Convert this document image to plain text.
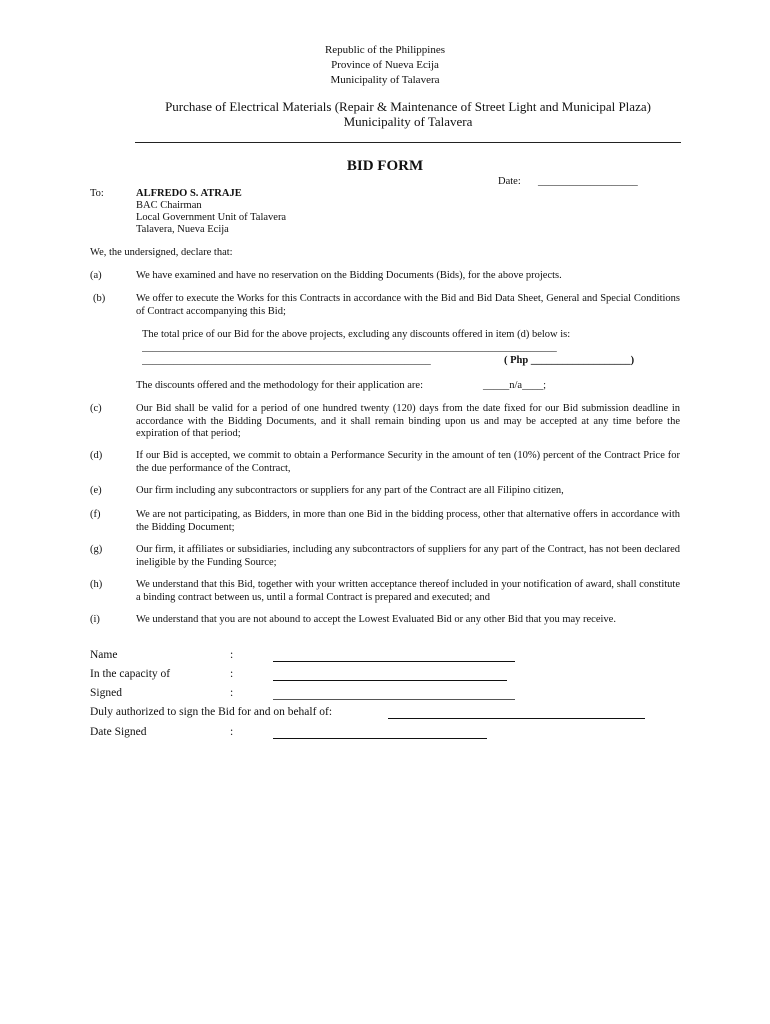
Republic of the Philippines
Province of Nueva Ecija
Municipality of Talavera
Purchase of Electrical Materials (Repair & Maintenance of Street Light and Municipal Plaza) Municipality of Talavera
BID FORM
Date: ___________________
To:	ALFREDO S. ATRAJE
BAC Chairman
Local Government Unit of Talavera
Talavera, Nueva Ecija
We, the undersigned, declare that:
(a)	We have examined and have no reservation on the Bidding Documents (Bids), for the above projects.
(b)	We offer to execute the Works for this Contracts in accordance with the Bid and Bid Data Sheet, General and Special Conditions of Contract accompanying this Bid;
The total price of our Bid for the above projects, excluding any discounts offered in item (d) below is:
_______________________________________________________________________________
_______________________________________________________	( Php ___________________)
The discounts offered and the methodology for their application are:	_____n/a____;
(c)	Our Bid shall be valid for a period of one hundred twenty (120) days from the date fixed for our Bid submission deadline in accordance with the Bidding Documents, and it shall remain binding upon us and may be accepted at any time before the expiration of that period;
(d)	If our Bid is accepted, we commit to obtain a Performance Security in the amount of ten (10%) percent of the Contract Price for the due performance of the Contract,
(e)	Our firm including any subcontractors or suppliers for any part of the Contract are all Filipino citizen,
(f)	We are not participating, as Bidders, in more than one Bid in the bidding process, other that alternative offers in accordance with the Bidding Document;
(g)	Our firm, it affiliates or subsidiaries, including any subcontractors of suppliers for any part of the Contract, has not been declared ineligible by the Funding Source;
(h)	We understand that this Bid, together with your written acceptance thereof included in your notification of award, shall constitute a binding contract between us, until a formal Contract is prepared and executed; and
(i)	We understand that you are not abound to accept the Lowest Evaluated Bid or any other Bid that you may receive.
Name	:
In the capacity of	:
Signed	:
Duly authorized to sign the Bid for and on behalf of:
Date Signed	:
